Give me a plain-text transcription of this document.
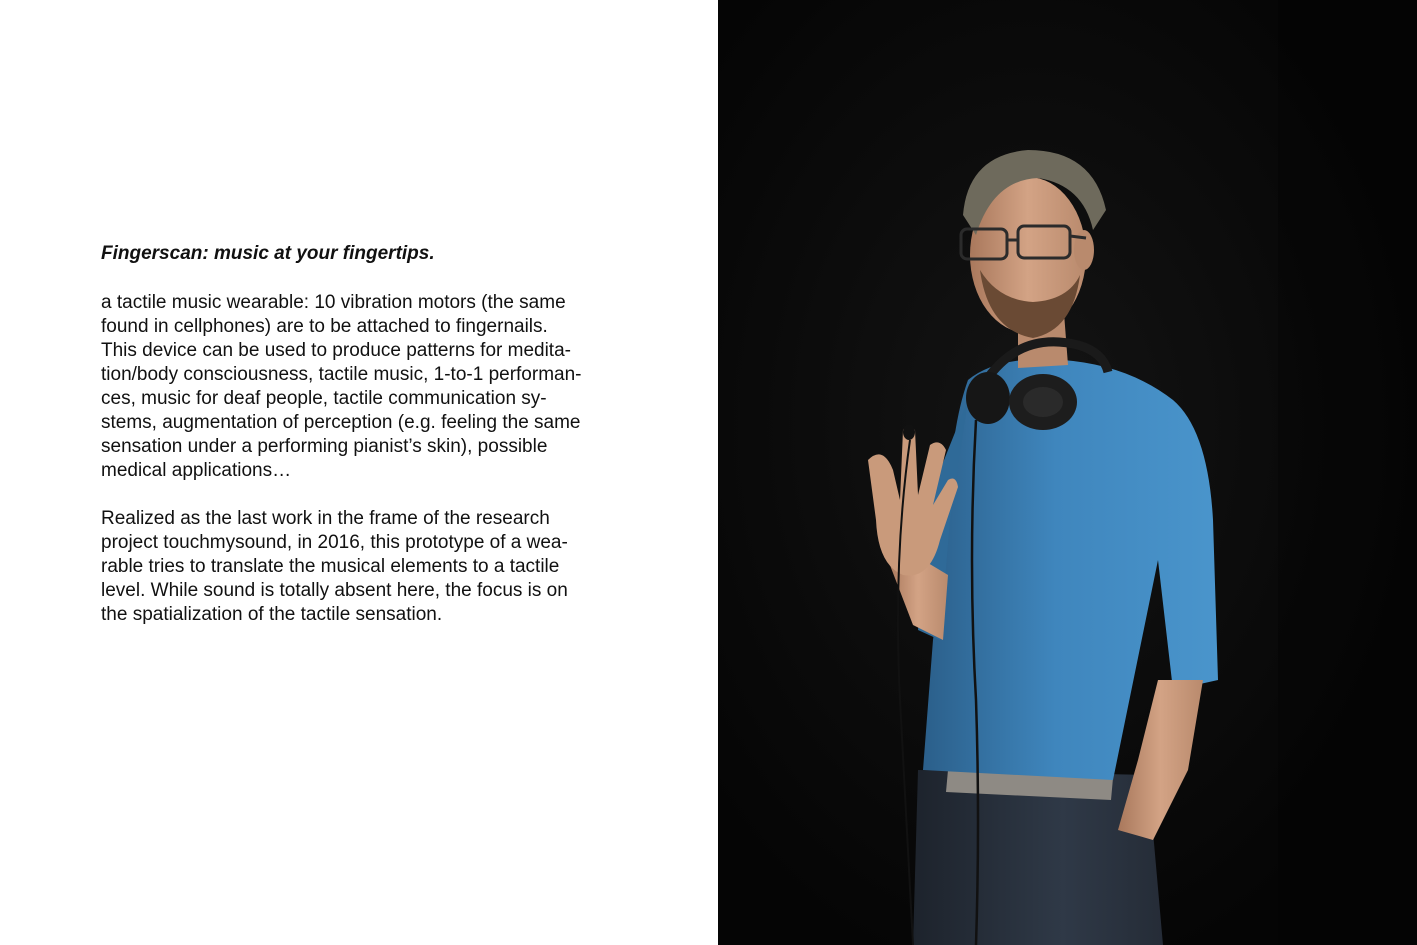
Fingerscan: music at your fingertips.
a tactile music wearable: 10 vibration motors (the same
found in cellphones) are to be attached to fingernails.
This device can be used to produce patterns for medita-
tion/body consciousness, tactile music, 1-to-1 performan-
ces, music for deaf people, tactile communication sy-
stems, augmentation of perception (e.g. feeling the same
sensation under a performing pianist’s skin), possible
medical applications…
Realized as the last work in the frame of the research
project touchmysound, in 2016, this prototype of a wea-
rable tries to translate the musical elements to a tactile
level. While sound is totally absent here, the focus is on
the spatialization of the tactile sensation.
